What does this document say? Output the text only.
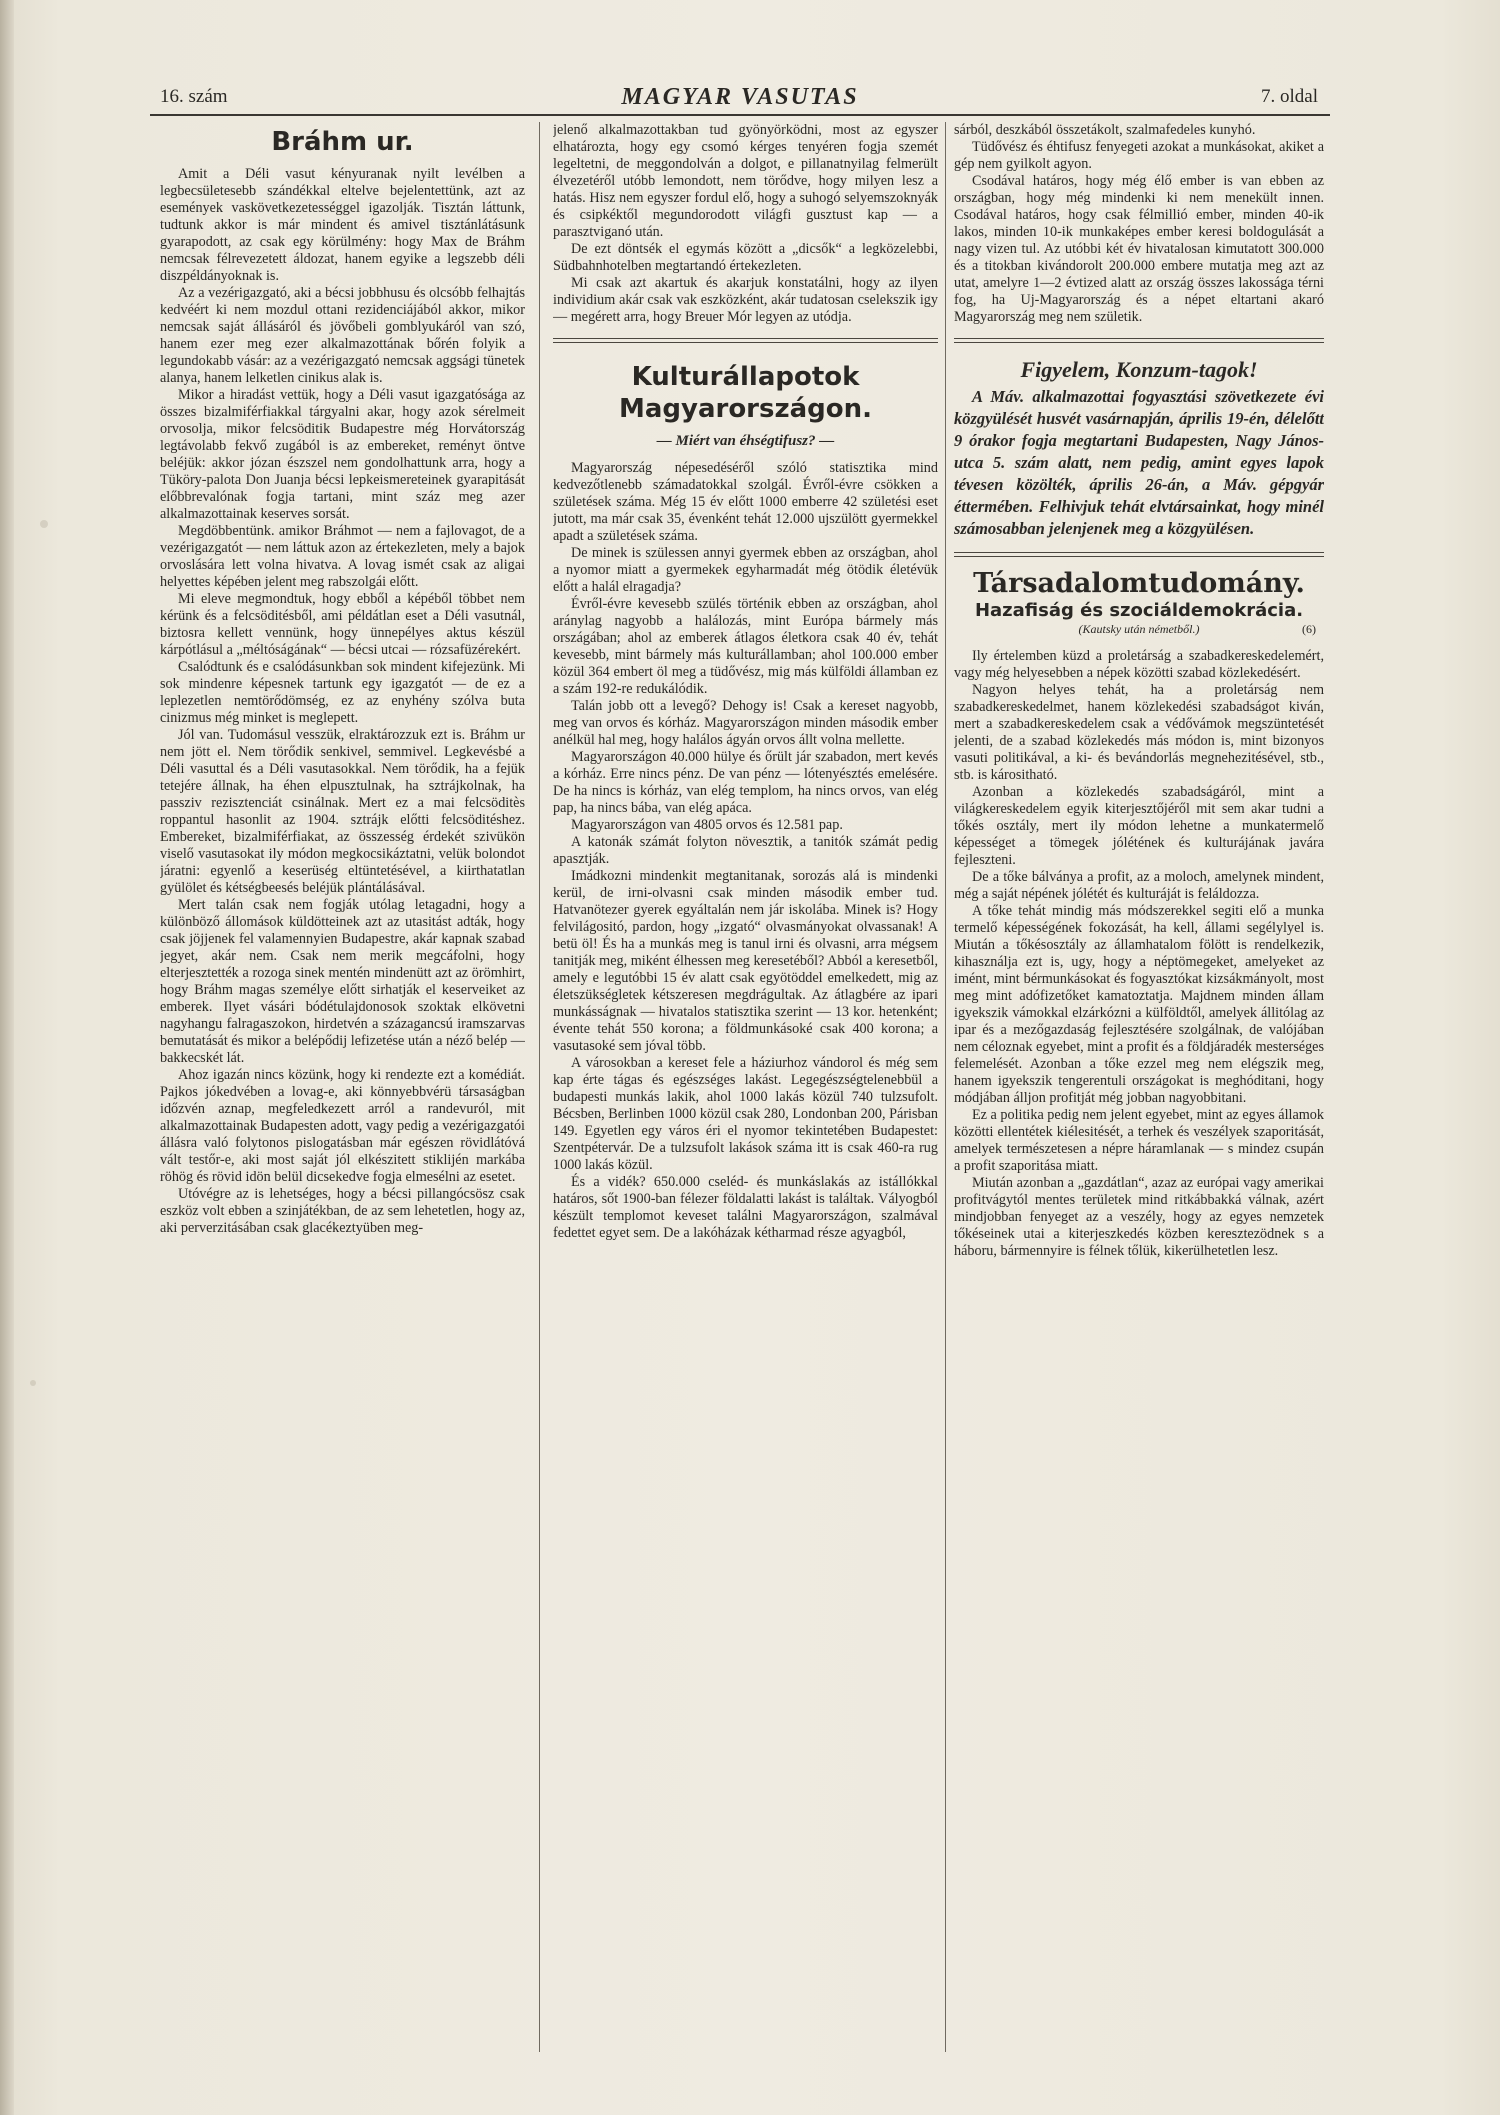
16. szám	MAGYAR VASUTAS	7. oldal
Bráhm ur.

Amit a Déli vasut kényuranak nyilt levélben a legbecsületesebb szándékkal eltelve bejelentettünk, azt az események vaskövetkezetességgel igazolják. Tisztán láttunk, tudtunk akkor is már mindent és amivel tisztánlátásunk gyarapodott, az csak egy körülmény: hogy Max de Bráhm nemcsak félrevezetett áldozat, hanem egyike a legszebb déli diszpéldányoknak is.

Az a vezérigazgató, aki a bécsi jobbhusu és olcsóbb felhajtás kedvéért ki nem mozdul ottani rezidenciájából akkor, mikor nemcsak saját állásáról és jövőbeli gomblyukáról van szó, hanem ezer meg ezer alkalmazottának bőrén folyik a legundokabb vásár: az a vezérigazgató nemcsak aggsági tünetek alanya, hanem lelketlen cinikus alak is.

Mikor a hiradást vettük, hogy a Déli vasut igazgatósága az összes bizalmiférfiakkal tárgyalni akar, hogy azok sérelmeit orvosolja, mikor felcsöditik Budapestre még Horvátország legtávolabb fekvő zugából is az embereket, reményt öntve beléjük: akkor józan észszel nem gondolhattunk arra, hogy a Tüköry-palota Don Juanja bécsi lepkeismereteinek gyarapitását előbbrevalónak fogja tartani, mint száz meg azer alkalmazottainak keserves sorsát.

Megdöbbentünk. amikor Bráhmot — nem a fajlovagot, de a vezérigazgatót — nem láttuk azon az értekezleten, mely a bajok orvoslására lett volna hivatva. A lovag ismét csak az aligai helyettes képében jelent meg rabszolgái előtt.

Mi eleve megmondtuk, hogy ebből a képéből többet nem kérünk és a felcsöditésből, ami példátlan eset a Déli vasutnál, biztosra kellett vennünk, hogy ünnepélyes aktus készül kárpótlásul a „méltóságának“ — bécsi utcai — rózsafüzérekért.

Csalódtunk és e csalódásunkban sok mindent kifejezünk. Mi sok mindenre képesnek tartunk egy igazgatót — de ez a leplezetlen nemtörődömség, ez az enyhény szólva buta cinizmus még minket is meglepett.

Jól van. Tudomásul vesszük, elraktározzuk ezt is. Bráhm ur nem jött el. Nem törődik senkivel, semmivel. Legkevésbé a Déli vasuttal és a Déli vasutasokkal. Nem törődik, ha a fejük tetejére állnak, ha éhen elpusztulnak, ha sztrájkolnak, ha passziv rezisztenciát csinálnak. Mert ez a mai felcsöditès roppantul hasonlit az 1904. sztrájk előtti felcsöditéshez. Embereket, bizalmiférfiakat, az összesség érdekét szivükön viselő vasutasokat ily módon megkocsikáztatni, velük bolondot járatni: egyenlő a keserüség eltüntetésével, a kiirthatatlan gyülölet és kétségbeesés beléjük plántálásával.

Mert talán csak nem fogják utólag letagadni, hogy a különböző állomások küldötteinek azt az utasitást adták, hogy csak jöjjenek fel valamennyien Budapestre, akár kapnak szabad jegyet, akár nem. Csak nem merik megcáfolni, hogy elterjesztették a rozoga sinek mentén mindenütt azt az örömhirt, hogy Bráhm magas személye előtt sirhatják el keserveiket az emberek. Ilyet vásári bódétulajdonosok szoktak elkövetni nagyhangu falragaszokon, hirdetvén a százagancsú iramszarvas bemutatását és mikor a belépődij lefizetése után a néző belép — bakkecskét lát.

Ahoz igazán nincs közünk, hogy ki rendezte ezt a komédiát. Pajkos jókedvében a lovag-e, aki könnyebbvérü társaságban időzvén aznap, megfeledkezett arról a randevuról, mit alkalmazottainak Budapesten adott, vagy pedig a vezérigazgatói állásra való folytonos pislogatásban már egészen rövidlátóvá vált testőr-e, aki most saját jól elkészitett stiklijén markába röhög és rövid idön belül dicsekedve fogja elmesélni az esetet.

Utóvégre az is lehetséges, hogy a bécsi pillangócsösz csak eszköz volt ebben a szinjátékban, de az sem lehetetlen, hogy az, aki perverzitásában csak glacékeztyüben meg-

jelenő alkalmazottakban tud gyönyörködni, most az egyszer elhatározta, hogy egy csomó kérges tenyéren fogja szemét legeltetni, de meggondolván a dolgot, e pillanatnyilag felmerült élvezetéről utóbb lemondott, nem törődve, hogy milyen lesz a hatás. Hisz nem egyszer fordul elő, hogy a suhogó selyemszoknyák és csipkéktől megundorodott világfi gusztust kap — a parasztviganó után.

De ezt döntsék el egymás között a „dicsők“ a legközelebbi, Südbahnhotelben megtartandó értekezleten.

Mi csak azt akartuk és akarjuk konstatálni, hogy az ilyen individium akár csak vak eszközként, akár tudatosan cselekszik igy — megérett arra, hogy Breuer Mór legyen az utódja.

Kulturállapotok Magyarországon.
— Miért van éhségtifusz? —

Magyarország népesedéséről szóló statisztika mind kedvezőtlenebb számadatokkal szolgál. Évről-évre csökken a születések száma. Még 15 év előtt 1000 emberre 42 születési eset jutott, ma már csak 35, évenként tehát 12.000 ujszülött gyermekkel apadt a születések száma.

De minek is szülessen annyi gyermek ebben az országban, ahol a nyomor miatt a gyermekek egyharmadát még ötödik életévük előtt a halál elragadja?

Évről-évre kevesebb szülés történik ebben az országban, ahol aránylag nagyobb a halálozás, mint Európa bármely más országában; ahol az emberek átlagos életkora csak 40 év, tehát kevesebb, mint bármely más kulturállamban; ahol 100.000 ember közül 364 embert öl meg a tüdővész, mig más külföldi államban ez a szám 192-re redukálódik.

Talán jobb ott a levegő? Dehogy is! Csak a kereset nagyobb, meg van orvos és kórház. Magyarországon minden második ember anélkül hal meg, hogy halálos ágyán orvos állt volna mellette.

Magyarországon 40.000 hülye és őrült jár szabadon, mert kevés a kórház. Erre nincs pénz. De van pénz — lótenyésztés emelésére. De ha nincs is kórház, van elég templom, ha nincs orvos, van elég pap, ha nincs bába, van elég apáca.

Magyarországon van 4805 orvos és 12.581 pap.

A katonák számát folyton növesztik, a tanitók számát pedig apasztják.

Imádkozni mindenkit megtanitanak, sorozás alá is mindenki kerül, de irni-olvasni csak minden második ember tud. Hatvanötezer gyerek egyáltalán nem jár iskolába. Minek is? Hogy felvilágositó, pardon, hogy „izgató“ olvasmányokat olvassanak! A betü öl! És ha a munkás meg is tanul irni és olvasni, arra mégsem tanitják meg, miként élhessen meg keresetéből? Abból a keresetből, amely e legutóbbi 15 év alatt csak egyötöddel emelkedett, mig az életszükségletek kétszeresen megdrágultak. Az átlagbére az ipari munkásságnak — hivatalos statisztika szerint — 13 kor. hetenként; évente tehát 550 korona; a földmunkásoké csak 400 korona; a vasutasoké sem jóval több.

A városokban a kereset fele a háziurhoz vándorol és még sem kap érte tágas és egészséges lakást. Legegészségtelenebbül a budapesti munkás lakik, ahol 1000 lakás közül 740 tulzsufolt. Bécsben, Berlinben 1000 közül csak 280, Londonban 200, Párisban 149. Egyetlen egy város éri el nyomor tekintetében Budapestet: Szentpétervár. De a tulzsufolt lakások száma itt is csak 460-ra rug 1000 lakás közül.

És a vidék? 650.000 cseléd- és munkáslakás az istállókkal határos, sőt 1900-ban félezer földalatti lakást is találtak. Vályogból készült templomot keveset találni Magyarországon, szalmával fedettet egyet sem. De a lakóházak kétharmad része agyagból,

sárból, deszkából összetákolt, szalmafedeles kunyhó.

Tüdővész és éhtifusz fenyegeti azokat a munkásokat, akiket a gép nem gyilkolt agyon.

Csodával határos, hogy még élő ember is van ebben az országban, hogy még mindenki ki nem menekült innen. Csodával határos, hogy csak félmillió ember, minden 40-ik lakos, minden 10-ik munkaképes ember keresi boldogulását a nagy vizen tul. Az utóbbi két év hivatalosan kimutatott 300.000 és a titokban kivándorolt 200.000 embere mutatja meg azt az utat, amelyre 1—2 évtized alatt az ország összes lakossága térni fog, ha Uj-Magyarország és a népet eltartani akaró Magyarország meg nem születik.

Figyelem, Konzum-tagok!

A Máv. alkalmazottai fogyasztási szövetkezete évi közgyülését husvét vasárnapján, április 19-én, délelőtt 9 órakor fogja megtartani Budapesten, Nagy János-utca 5. szám alatt, nem pedig, amint egyes lapok tévesen közölték, április 26-án, a Máv. gépgyár éttermében. Felhivjuk tehát elvtársainkat, hogy minél számosabban jelenjenek meg a közgyülésen.

Társadalomtudomány.
Hazafiság és szociáldemokrácia.
(Kautsky után németből.)	(6)

Ily értelemben küzd a proletárság a szabadkereskedelemért, vagy még helyesebben a népek közötti szabad közlekedésért.

Nagyon helyes tehát, ha a proletárság nem szabadkereskedelmet, hanem közlekedési szabadságot kiván, mert a szabadkereskedelem csak a védővámok megszüntetését jelenti, de a szabad közlekedés más módon is, mint bizonyos vasuti politikával, a ki- és bevándorlás megnehezitésével, stb., stb. is kárositható.

Azonban a közlekedés szabadságáról, mint a világkereskedelem egyik kiterjesztőjéről mit sem akar tudni a tőkés osztály, mert ily módon lehetne a munkatermelő képességet a tömegek jólétének és kulturájának javára fejleszteni.

De a tőke bálványa a profit, az a moloch, amelynek mindent, még a saját népének jólétét és kulturáját is feláldozza.

A tőke tehát mindig más módszerekkel segiti elő a munka termelő képességének fokozását, ha kell, állami segélylyel is. Miután a tőkésosztály az államhatalom fölött is rendelkezik, kihasználja ezt is, ugy, hogy a néptömegeket, amelyeket az imént, mint bérmunkásokat és fogyasztókat kizsákmányolt, most meg mint adófizetőket kamatoztatja. Majdnem minden állam igyekszik vámokkal elzárkózni a külföldtől, amelyek állitólag az ipar és a mezőgazdaság fejlesztésére szolgálnak, de valójában nem céloznak egyebet, mint a profit és a földjáradék mesterséges felemelését. Azonban a tőke ezzel meg nem elégszik meg, hanem igyekszik tengerentuli országokat is meghóditani, hogy módjában álljon profitját még jobban nagyobbitani.

Ez a politika pedig nem jelent egyebet, mint az egyes államok közötti ellentétek kiélesitését, a terhek és veszélyek szaporitását, amelyek természetesen a népre háramlanak — s mindez csupán a profit szaporitása miatt.

Miután azonban a „gazdátlan“, azaz az európai vagy amerikai profitvágytól mentes területek mind ritkábbakká válnak, azért mindjobban fenyeget az a veszély, hogy az egyes nemzetek tőkéseinek utai a kiterjeszkedés közben keresztezödnek s a háboru, bármennyire is félnek tőlük, kikerülhetetlen lesz.
